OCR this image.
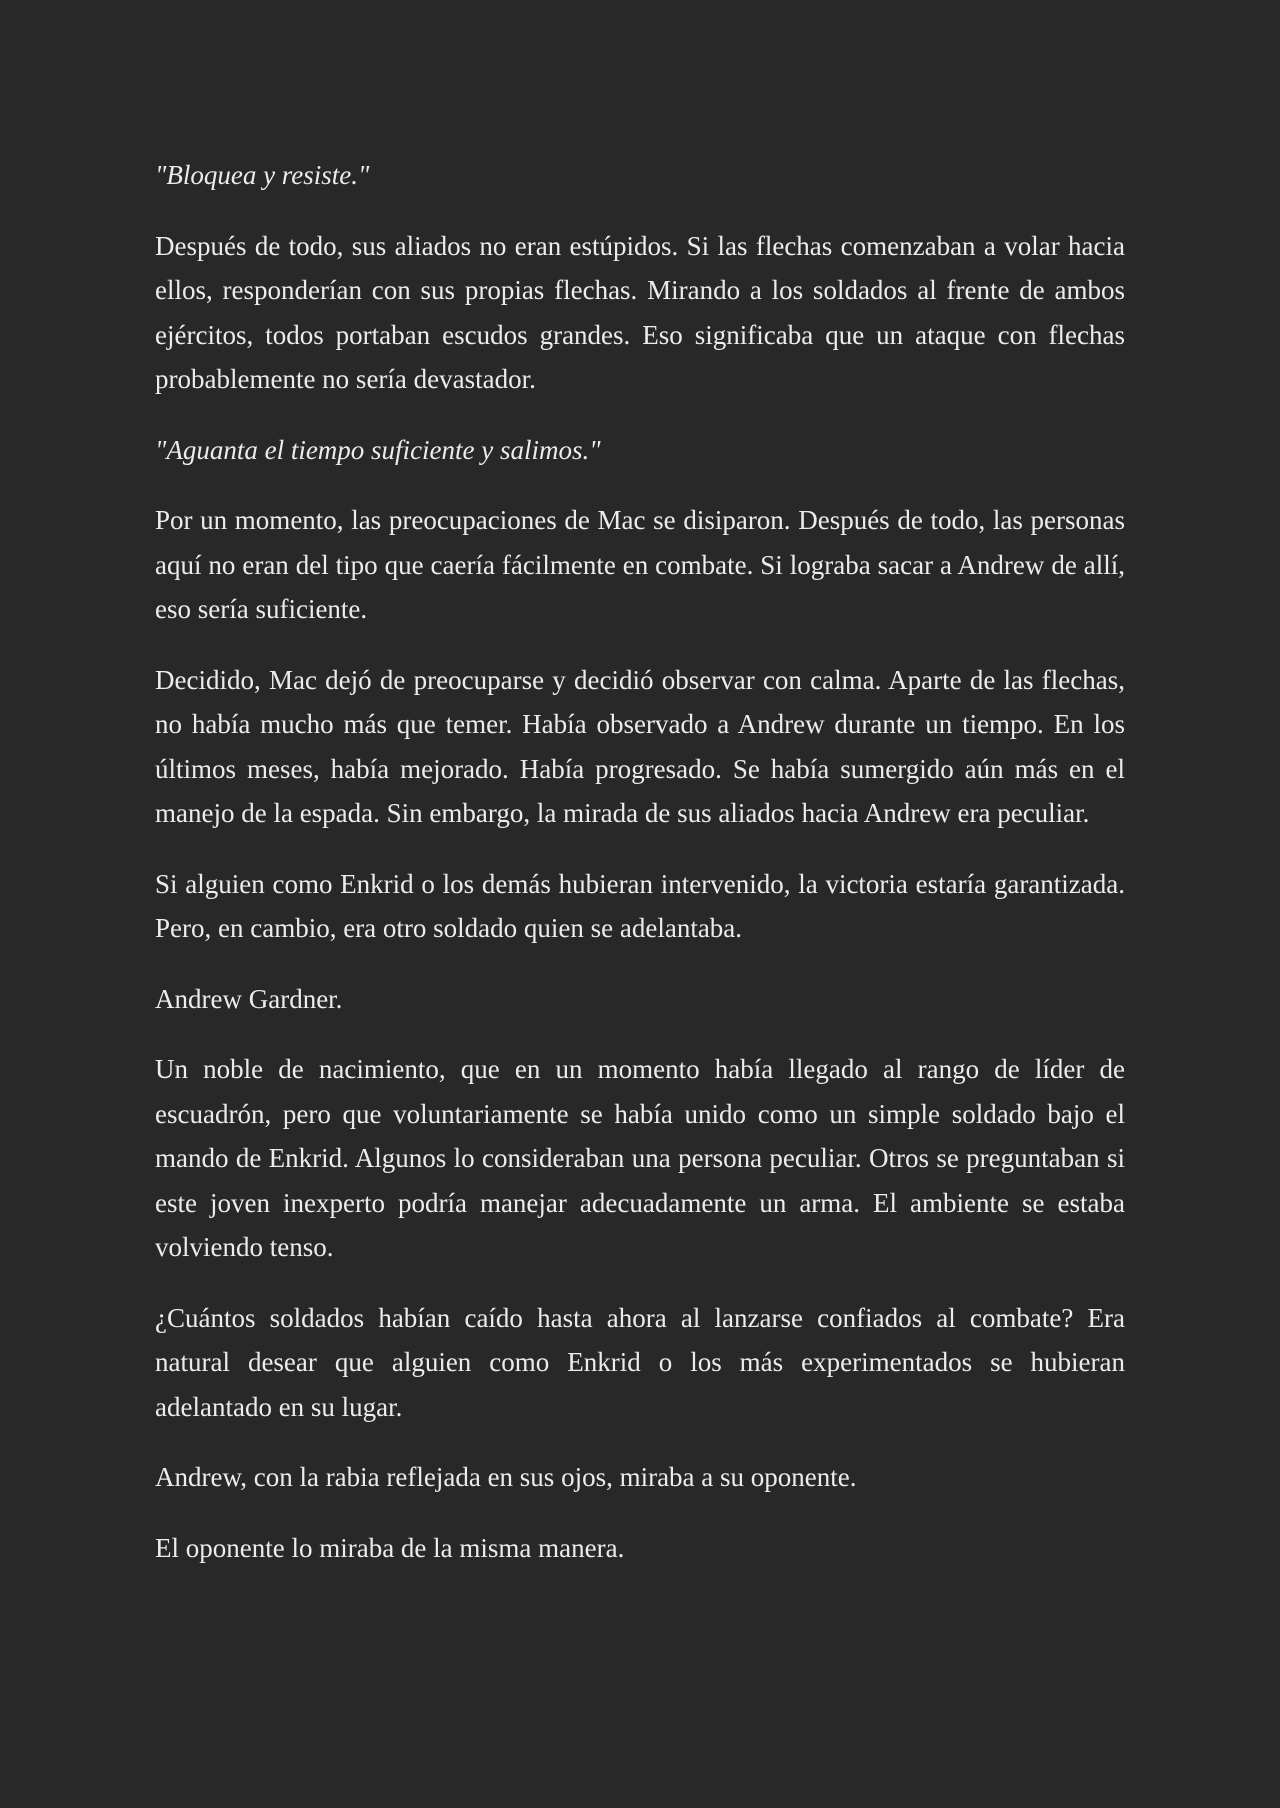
"Bloquea y resiste."

Después de todo, sus aliados no eran estúpidos. Si las flechas comenzaban a volar hacia ellos, responderían con sus propias flechas. Mirando a los soldados al frente de ambos ejércitos, todos portaban escudos grandes. Eso significaba que un ataque con flechas probablemente no sería devastador.

"Aguanta el tiempo suficiente y salimos."

Por un momento, las preocupaciones de Mac se disiparon. Después de todo, las personas aquí no eran del tipo que caería fácilmente en combate. Si lograba sacar a Andrew de allí, eso sería suficiente.

Decidido, Mac dejó de preocuparse y decidió observar con calma. Aparte de las flechas, no había mucho más que temer. Había observado a Andrew durante un tiempo. En los últimos meses, había mejorado. Había progresado. Se había sumergido aún más en el manejo de la espada. Sin embargo, la mirada de sus aliados hacia Andrew era peculiar.

Si alguien como Enkrid o los demás hubieran intervenido, la victoria estaría garantizada. Pero, en cambio, era otro soldado quien se adelantaba.

Andrew Gardner.

Un noble de nacimiento, que en un momento había llegado al rango de líder de escuadrón, pero que voluntariamente se había unido como un simple soldado bajo el mando de Enkrid. Algunos lo consideraban una persona peculiar. Otros se preguntaban si este joven inexperto podría manejar adecuadamente un arma. El ambiente se estaba volviendo tenso.

¿Cuántos soldados habían caído hasta ahora al lanzarse confiados al combate? Era natural desear que alguien como Enkrid o los más experimentados se hubieran adelantado en su lugar.

Andrew, con la rabia reflejada en sus ojos, miraba a su oponente.

El oponente lo miraba de la misma manera.
